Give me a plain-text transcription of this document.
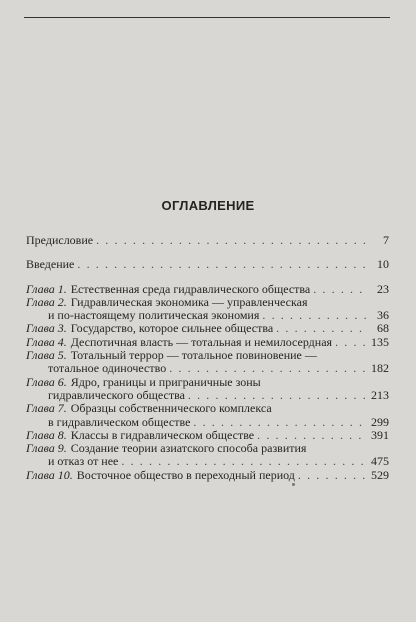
ОГЛАВЛЕНИЕ
Предисловие . . .	7
Введение . . .	10
Глава 1. Естественная среда гидравлического общества . . .	23
Глава 2. Гидравлическая экономика — управленческая
и по-настоящему политическая экономия . . .	36
Глава 3. Государство, которое сильнее общества . . .	68
Глава 4. Деспотичная власть — тотальная и немилосердная . . .	135
Глава 5. Тотальный террор — тотальное повиновение —
тотальное одиночество . . .	182
Глава 6. Ядро, границы и приграничные зоны
гидравлического общества . . .	213
Глава 7. Образцы собственнического комплекса
в гидравлическом обществе . . .	299
Глава 8. Классы в гидравлическом обществе . . .	391
Глава 9. Создание теории азиатского способа развития
и отказ от нее . . .	475
Глава 10. Восточное общество в переходный период . . .	529
